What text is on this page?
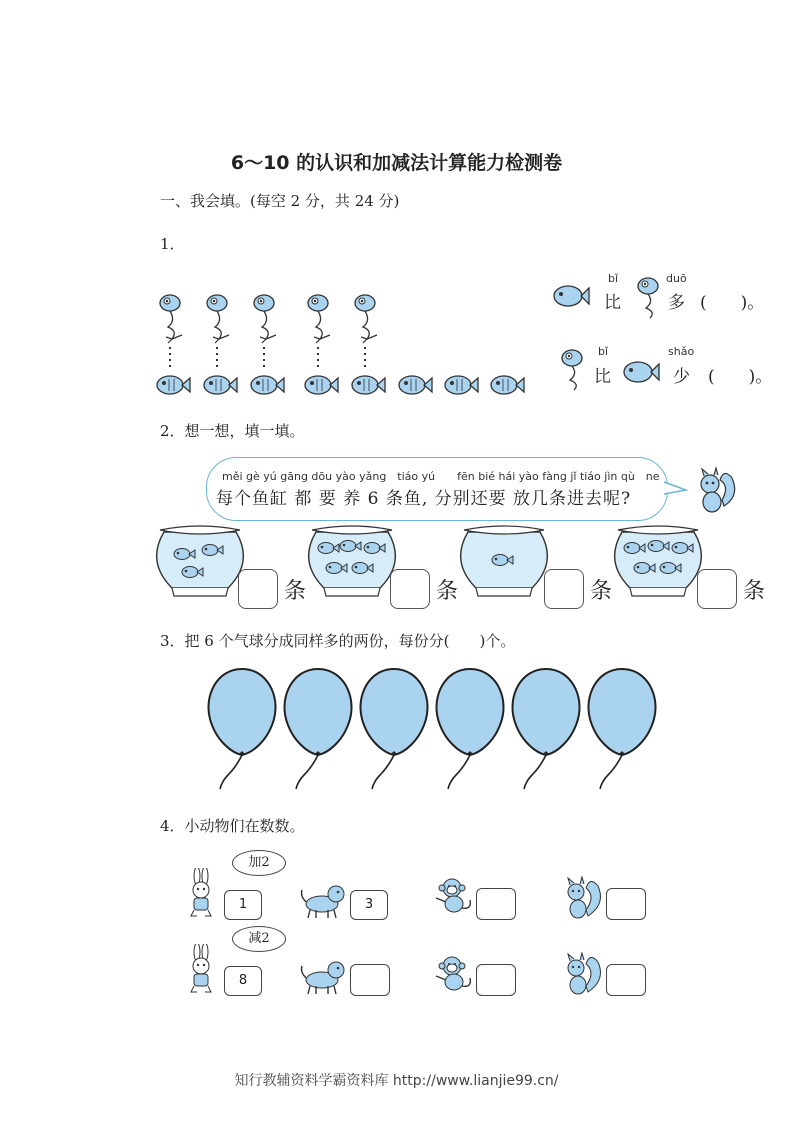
6～10 的认识和加减法计算能力检测卷
一、我会填。(每空 2 分，共 24 分)
1．
bǐ
比
duō
多 (　　)。
bǐ
比
shǎo
少 (　　)。
2．想一想，填一填。
měi gè yú gāng dōu yào yǎng　tiáo yú　　fēn bié hái yào fàng jǐ tiáo jìn qù　ne
每个鱼缸 都 要 养 6 条鱼, 分别还要 放几条进去呢?
条	条	条	条
3．把 6 个气球分成同样多的两份，每份分(　　)个。
4．小动物们在数数。
加2
1	3
减2
8
知行教辅资料学霸资料库 http://www.lianjie99.cn/
